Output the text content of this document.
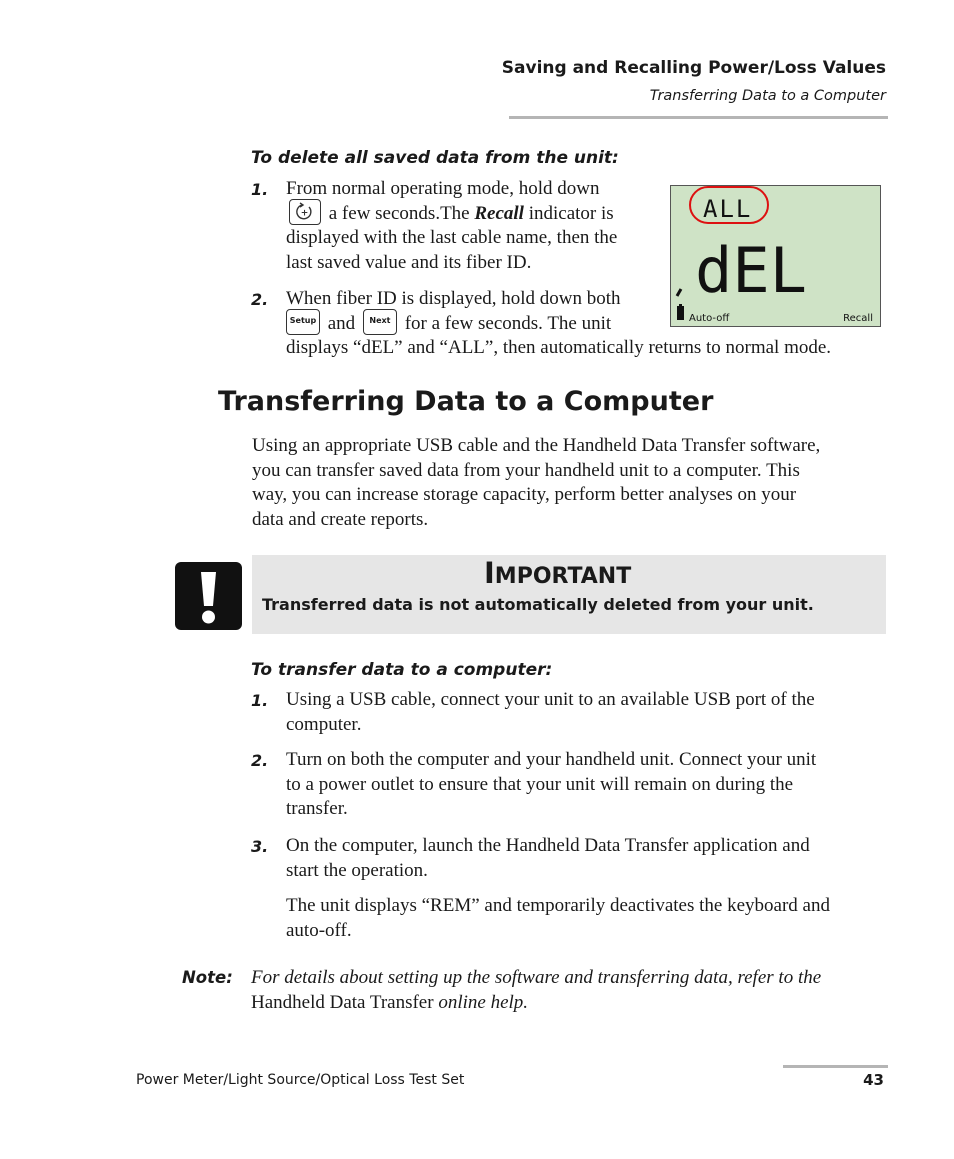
Saving and Recalling Power/Loss Values
Transferring Data to a Computer
To delete all saved data from the unit:
1. From normal operating mode, hold down
+ a few seconds.The Recall indicator is
displayed with the last cable name, then the
last saved value and its fiber ID.
2. When fiber ID is displayed, hold down both
Setup and Next for a few seconds. The unit
displays “dEL” and “ALL”, then automatically returns to normal mode.
ALL
dEL
Auto-off	Recall
Transferring Data to a Computer
Using an appropriate USB cable and the Handheld Data Transfer software,
you can transfer saved data from your handheld unit to a computer. This
way, you can increase storage capacity, perform better analyses on your
data and create reports.
IMPORTANT
Transferred data is not automatically deleted from your unit.
To transfer data to a computer:
1. Using a USB cable, connect your unit to an available USB port of the
computer.
2. Turn on both the computer and your handheld unit. Connect your unit
to a power outlet to ensure that your unit will remain on during the
transfer.
3. On the computer, launch the Handheld Data Transfer application and
start the operation.
The unit displays “REM” and temporarily deactivates the keyboard and
auto-off.
Note: For details about setting up the software and transferring data, refer to the
Handheld Data Transfer online help.
Power Meter/Light Source/Optical Loss Test Set	43
